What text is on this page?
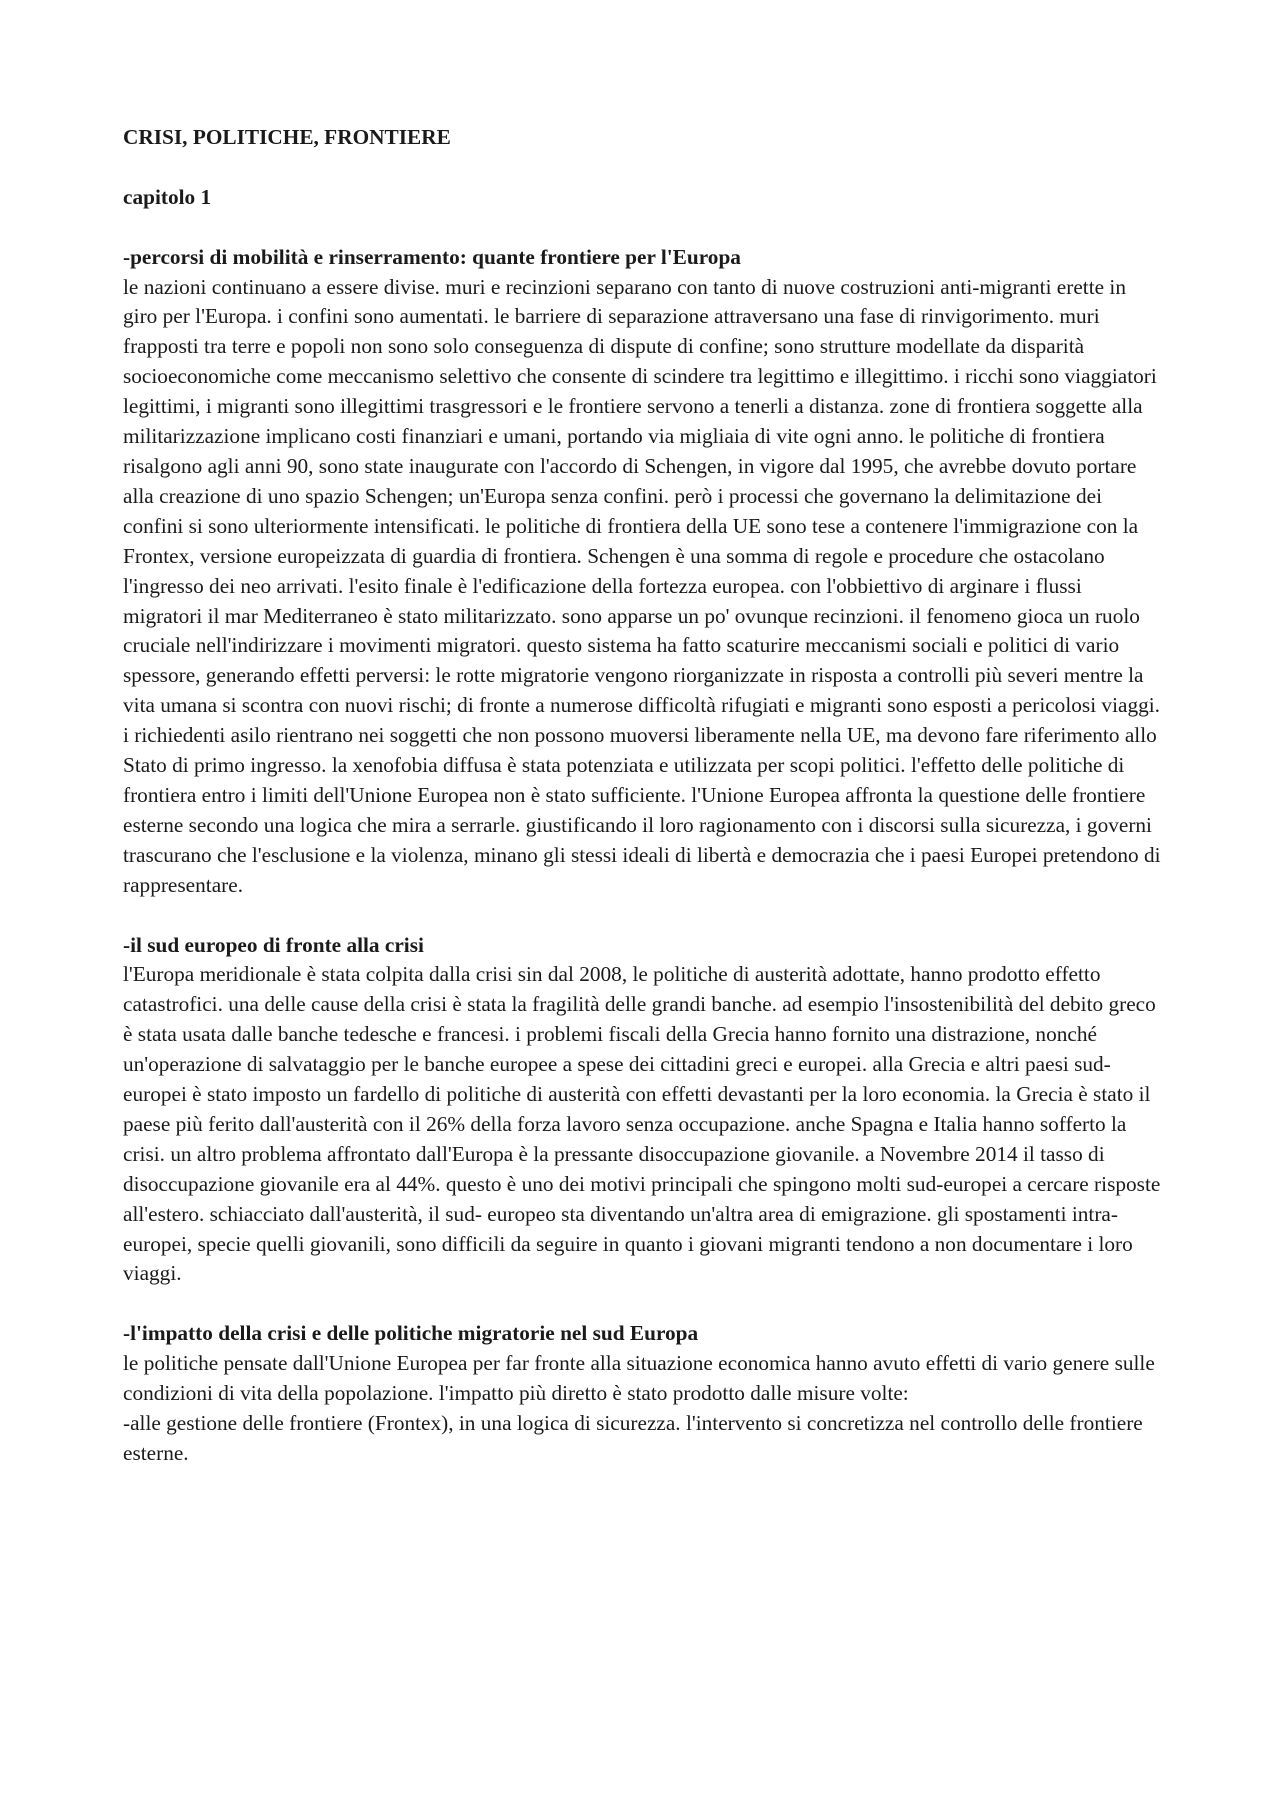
CRISI, POLITICHE, FRONTIERE

capitolo 1

-percorsi di mobilità e rinserramento: quante frontiere per l'Europa

le nazioni continuano a essere divise. muri e recinzioni separano con tanto di nuove costruzioni anti-migranti erette in giro per l'Europa. i confini sono aumentati. le barriere di separazione attraversano una fase di rinvigorimento. muri frapposti tra terre e popoli non sono solo conseguenza di dispute di confine; sono strutture modellate da disparità socioeconomiche come meccanismo selettivo che consente di scindere tra legittimo e illegittimo. i ricchi sono viaggiatori legittimi, i migranti sono illegittimi trasgressori e le frontiere servono a tenerli a distanza. zone di frontiera soggette alla militarizzazione implicano costi finanziari e umani, portando via migliaia di vite ogni anno. le politiche di frontiera risalgono agli anni 90, sono state inaugurate con l'accordo di Schengen, in vigore dal 1995, che avrebbe dovuto portare alla creazione di uno spazio Schengen; un'Europa senza confini. però i processi che governano la delimitazione dei confini si sono ulteriormente intensificati. le politiche di frontiera della UE sono tese a contenere l'immigrazione con la Frontex, versione europeizzata di guardia di frontiera. Schengen è una somma di regole e procedure che ostacolano l'ingresso dei neo arrivati. l'esito finale è l'edificazione della fortezza europea. con l'obbiettivo di arginare i flussi migratori il mar Mediterraneo è stato militarizzato. sono apparse un po' ovunque recinzioni. il fenomeno gioca un ruolo cruciale nell'indirizzare i movimenti migratori. questo sistema ha fatto scaturire meccanismi sociali e politici di vario spessore, generando effetti perversi: le rotte migratorie vengono riorganizzate in risposta a controlli più severi mentre la vita umana si scontra con nuovi rischi; di fronte a numerose difficoltà rifugiati e migranti sono esposti a pericolosi viaggi. i richiedenti asilo rientrano nei soggetti che non possono muoversi liberamente nella UE, ma devono fare riferimento allo Stato di primo ingresso. la xenofobia diffusa è stata potenziata e utilizzata per scopi politici. l'effetto delle politiche di frontiera entro i limiti dell'Unione Europea non è stato sufficiente. l'Unione Europea affronta la questione delle frontiere esterne secondo una logica che mira a serrarle. giustificando il loro ragionamento con i discorsi sulla sicurezza, i governi trascurano che l'esclusione e la violenza, minano gli stessi ideali di libertà e democrazia che i paesi Europei pretendono di rappresentare.

-il sud europeo di fronte alla crisi

l'Europa meridionale è stata colpita dalla crisi sin dal 2008, le politiche di austerità adottate, hanno prodotto effetto catastrofici. una delle cause della crisi è stata la fragilità delle grandi banche. ad esempio l'insostenibilità del debito greco è stata usata dalle banche tedesche e francesi. i problemi fiscali della Grecia hanno fornito una distrazione, nonché un'operazione di salvataggio per le banche europee a spese dei cittadini greci e europei. alla Grecia e altri paesi sud-europei è stato imposto un fardello di politiche di austerità con effetti devastanti per la loro economia. la Grecia è stato il paese più ferito dall'austerità con il 26% della forza lavoro senza occupazione. anche Spagna e Italia hanno sofferto la crisi. un altro problema affrontato dall'Europa è la pressante disoccupazione giovanile. a Novembre 2014 il tasso di disoccupazione giovanile era al 44%. questo è uno dei motivi principali che spingono molti sud-europei a cercare risposte all'estero. schiacciato dall'austerità, il sud- europeo sta diventando un'altra area di emigrazione. gli spostamenti intra-europei, specie quelli giovanili, sono difficili da seguire in quanto i giovani migranti tendono a non documentare i loro viaggi.

-l'impatto della crisi e delle politiche migratorie nel sud Europa

le politiche pensate dall'Unione Europea per far fronte alla situazione economica hanno avuto effetti di vario genere sulle condizioni di vita della popolazione. l'impatto più diretto è stato prodotto dalle misure volte:

-alle gestione delle frontiere (Frontex), in una logica di sicurezza. l'intervento si concretizza nel controllo delle frontiere esterne.
